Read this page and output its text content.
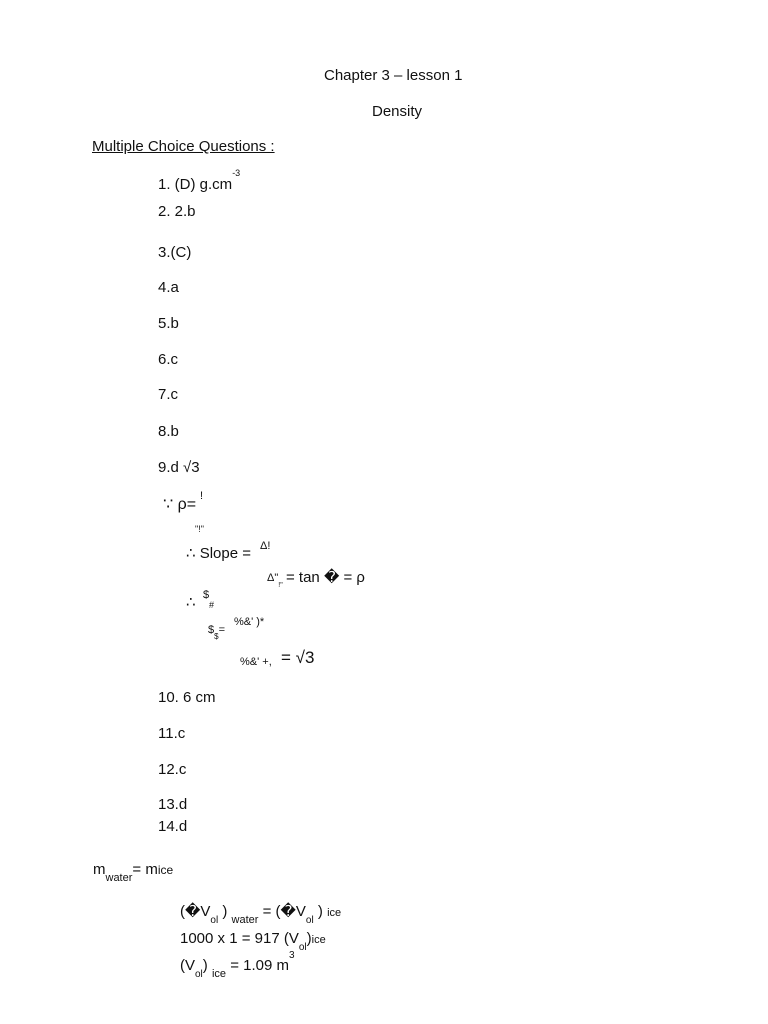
Chapter 3 – lesson 1
Density
Multiple Choice Questions :
1. (D) $g.cm^{-3}$
2. 2.b
3.(C)
4.a
5.b
6.c
7.c
8.b
9.d √3
∵ ρ= !
"!"
∴ Slope = Δ!
$\Delta"_{!"} = \tan$ � = ρ
∴ $
#
$\$_{\$}=$
%&' )*
%&' +, = √3
10. 6 cm
11.c
12.c
13.d
14.d
$m_{water}=$ mice
($�V_{ol}$ ) $_{water} = (�V_{ol}$ ) ice
1000 x 1 = 917 $(V_{ol})ice$
$(V_{ol}) _{ice} = 1.09$ $m^3$
